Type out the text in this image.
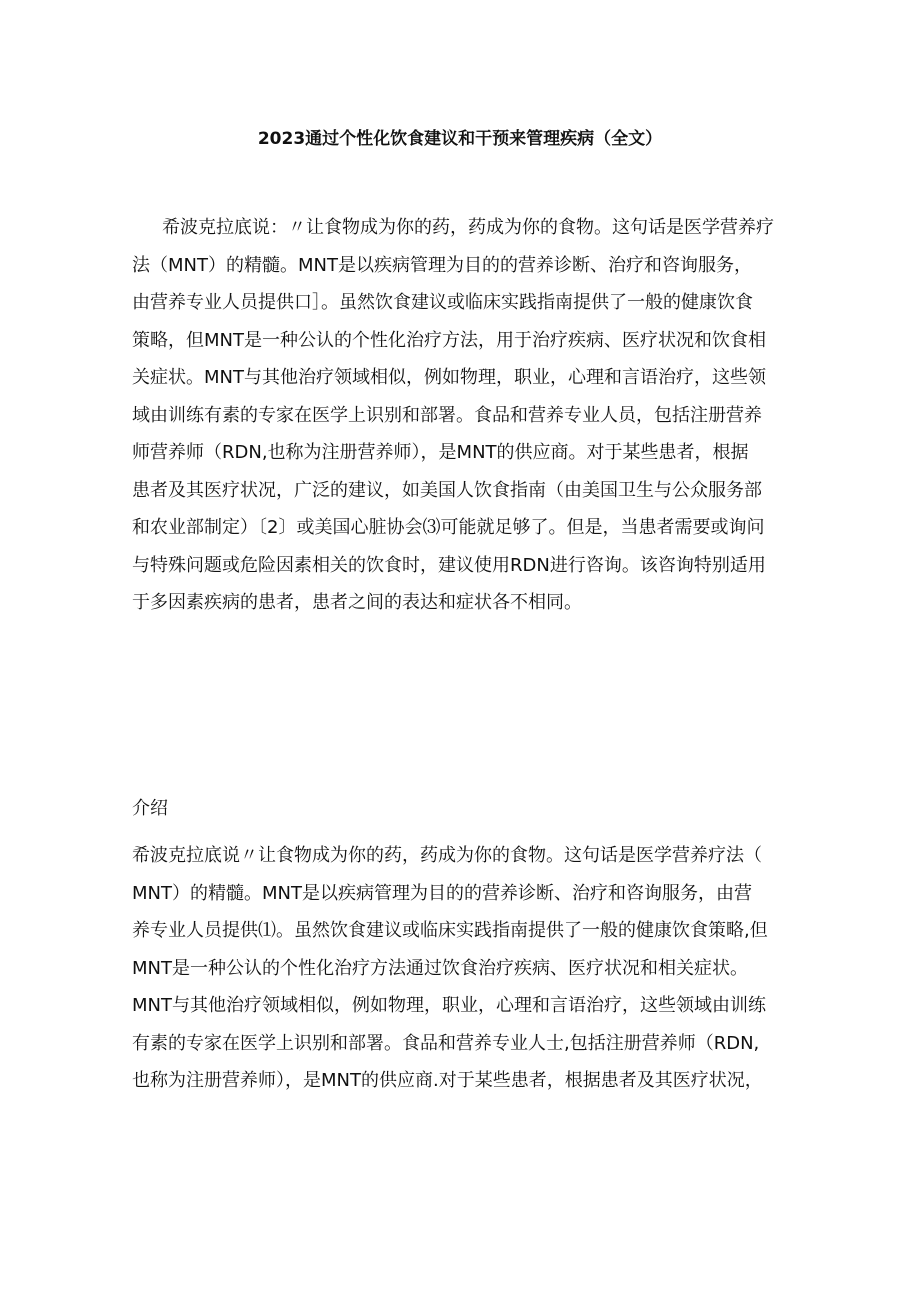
2023通过个性化饮食建议和干预来管理疾病（全文）
希波克拉底说：〃让食物成为你的药，药成为你的食物。这句话是医学营养疗
法（MNT）的精髓。MNT是以疾病管理为目的的营养诊断、治疗和咨询服务，
由营养专业人员提供口］。虽然饮食建议或临床实践指南提供了一般的健康饮食
策略，但MNT是一种公认的个性化治疗方法，用于治疗疾病、医疗状况和饮食相
关症状。MNT与其他治疗领域相似，例如物理，职业，心理和言语治疗，这些领
域由训练有素的专家在医学上识别和部署。食品和营养专业人员，包括注册营养
师营养师（RDN,也称为注册营养师），是MNT的供应商。对于某些患者，根据
患者及其医疗状况，广泛的建议，如美国人饮食指南（由美国卫生与公众服务部
和农业部制定）〔2〕或美国心脏协会⑶可能就足够了。但是，当患者需要或询问
与特殊问题或危险因素相关的饮食时，建议使用RDN进行咨询。该咨询特别适用
于多因素疾病的患者，患者之间的表达和症状各不相同。
介绍
希波克拉底说〃让食物成为你的药，药成为你的食物。这句话是医学营养疗法（
MNT）的精髓。MNT是以疾病管理为目的的营养诊断、治疗和咨询服务，由营
养专业人员提供⑴。虽然饮食建议或临床实践指南提供了一般的健康饮食策略,但
MNT是一种公认的个性化治疗方法通过饮食治疗疾病、医疗状况和相关症状。
MNT与其他治疗领域相似，例如物理，职业，心理和言语治疗，这些领域由训练
有素的专家在医学上识别和部署。食品和营养专业人士,包括注册营养师（RDN,
也称为注册营养师），是MNT的供应商.对于某些患者，根据患者及其医疗状况，
